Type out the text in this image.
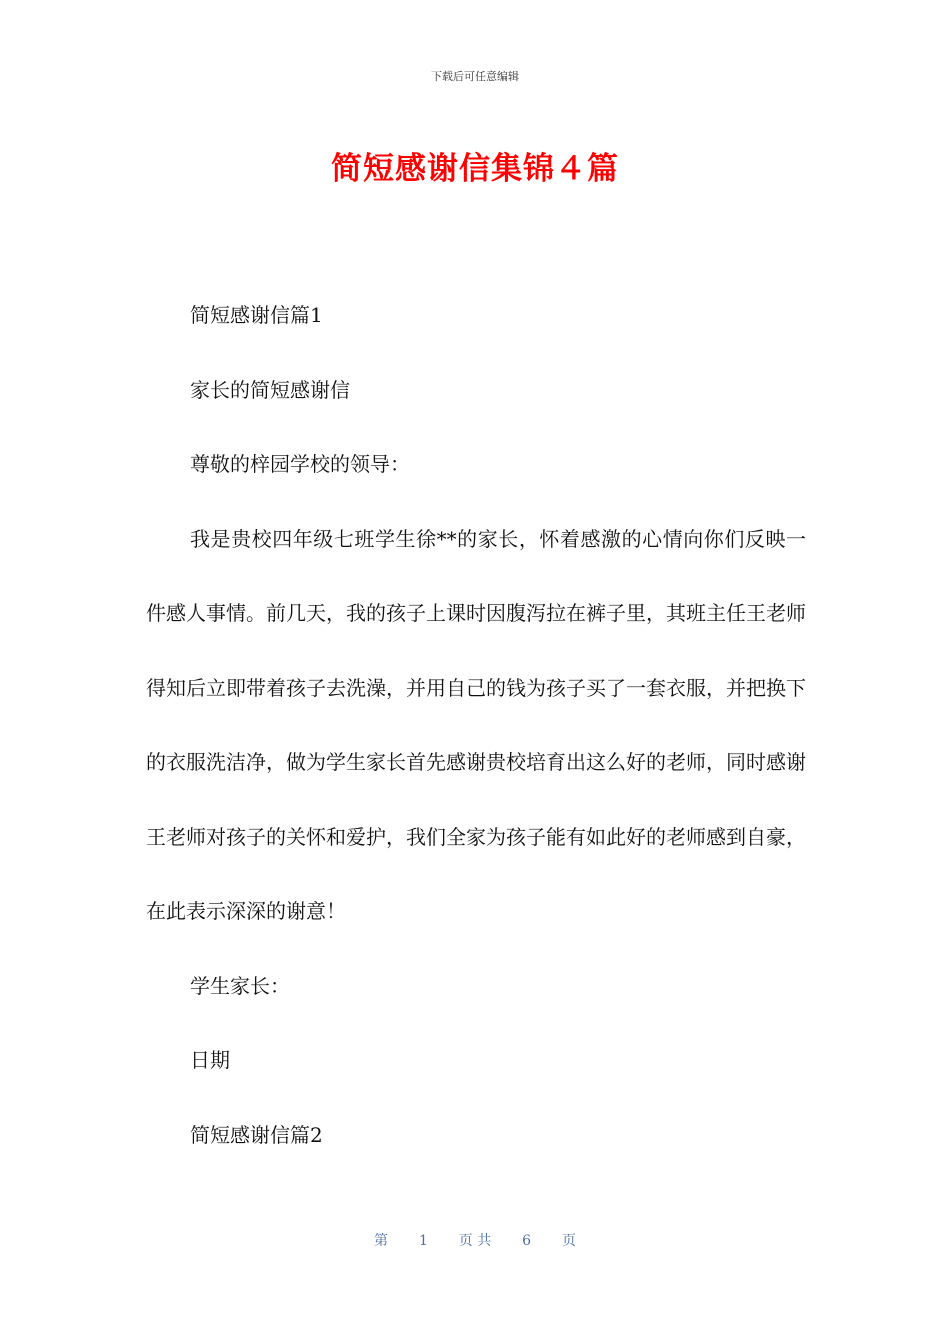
下载后可任意编辑
简短感谢信集锦４篇

简短感谢信篇1

家长的简短感谢信

尊敬的梓园学校的领导：

我是贵校四年级七班学生徐**的家长，怀着感激的心情向你们反映一件感人事情。前几天，我的孩子上课时因腹泻拉在裤子里，其班主任王老师得知后立即带着孩子去洗澡，并用自己的钱为孩子买了一套衣服，并把换下的衣服洗洁净，做为学生家长首先感谢贵校培育出这么好的老师，同时感谢王老师对孩子的关怀和爱护，我们全家为孩子能有如此好的老师感到自豪，在此表示深深的谢意！

学生家长：

日期

简短感谢信篇2

第 1 页 共 6 页
